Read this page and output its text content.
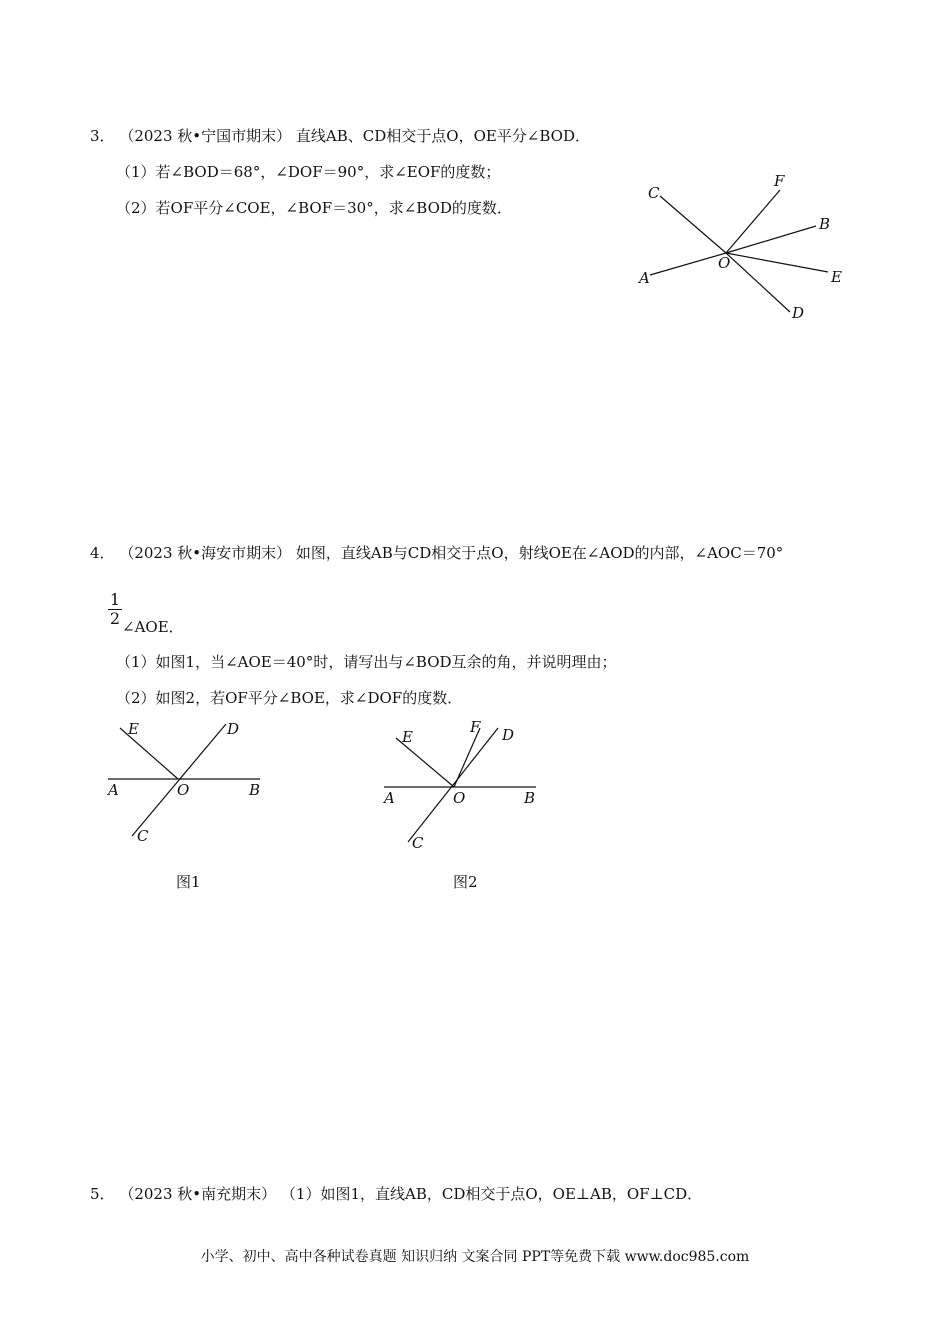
3． （2023 秋•宁国市期末） 直线AB、CD相交于点O，OE平分∠BOD．
（1）若∠BOD＝68°，∠DOF＝90°，求∠EOF的度数；
（2）若OF平分∠COE，∠BOF＝30°，求∠BOD的度数．
C
F
B
O
A	E
D
4． （2023 秋•海安市期末） 如图，直线AB与CD相交于点O，射线OE在∠AOD的内部，∠AOC＝70°
1
2 ∠AOE．
（1）如图1，当∠AOE＝40°时，请写出与∠BOD互余的角，并说明理由；
（2）如图2，若OF平分∠BOE，求∠DOF的度数．
E	D
A	O	B
C
图1
F D
E
A	O	B
C
图2
5． （2023 秋•南充期末） （1）如图1，直线AB，CD相交于点O，OE⊥AB，OF⊥CD．
小学、初中、高中各种试卷真题 知识归纳 文案合同 PPT等免费下载 www.doc985.com
